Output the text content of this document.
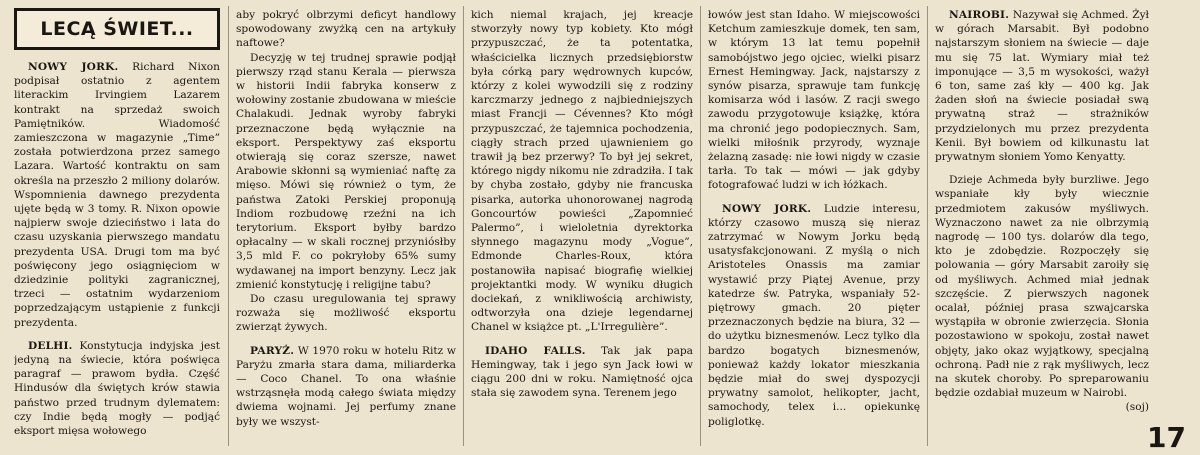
LECĄ ŚWIET...

NOWY JORK. Richard Nixon podpisał ostatnio z agentem literackim Irvingiem Lazarem kontrakt na sprzedaż swoich Pamiętników. Wiadomość zamieszczona w magazynie „Time” została potwierdzona przez samego Lazara. Wartość kontraktu on sam określa na przeszło 2 miliony dolarów. Wspomnienia dawnego prezydenta ujęte będą w 3 tomy. R. Nixon opowie najpierw swoje dzieciństwo i lata do czasu uzyskania pierwszego mandatu prezydenta USA. Drugi tom ma być poświęcony jego osiągnięciom w dziedzinie polityki zagranicznej, trzeci — ostatnim wydarzeniom poprzedzającym ustąpienie z funkcji prezydenta.

DELHI. Konstytucja indyjska jest jedyną na świecie, która poświęca paragraf — prawom bydła. Część Hindusów dla świętych krów stawia państwo przed trudnym dylematem: czy Indie będą mogły — podjąć eksport mięsa wołowego

aby pokryć olbrzymi deficyt handlowy spowodowany zwyżką cen na artykuły naftowe?

Decyzję w tej trudnej sprawie podjął pierwszy rząd stanu Kerala — pierwsza w historii Indii fabryka konserw z wołowiny zostanie zbudowana w mieście Chalakudi. Jednak wyroby fabryki przeznaczone będą wyłącznie na eksport. Perspektywy zaś eksportu otwierają się coraz szersze, nawet Arabowie skłonni są wymieniać naftę za mięso. Mówi się również o tym, że państwa Zatoki Perskiej proponują Indiom rozbudowę rzeźni na ich terytorium. Eksport byłby bardzo opłacalny — w skali rocznej przyniósłby 3,5 mld F. co pokryłoby 65% sumy wydawanej na import benzyny. Lecz jak zmienić konstytucję i religijne tabu?

Do czasu uregulowania tej sprawy rozważa się możliwość eksportu zwierząt żywych.

PARYŻ. W 1970 roku w hotelu Ritz w Paryżu zmarła stara dama, miliarderka — Coco Chanel. To ona właśnie wstrząsnęła modą całego świata między dwiema wojnami. Jej perfumy znane były we wszyst-

kich niemal krajach, jej kreacje stworzyły nowy typ kobiety. Kto mógł przypuszczać, że ta potentatka, właścicielka licznych przedsiębiorstw była córką pary wędrownych kupców, którzy z kolei wywodzili się z rodziny karczmarzy jednego z najbiedniejszych miast Francji — Cévennes? Kto mógł przypuszczać, że tajemnica pochodzenia, ciągły strach przed ujawnieniem go trawił ją bez przerwy? To był jej sekret, którego nigdy nikomu nie zdradziła. I tak by chyba zostało, gdyby nie francuska pisarka, autorka uhonorowanej nagrodą Goncourtów powieści „Zapomnieć Palermo”, i wieloletnia dyrektorka słynnego magazynu mody „Vogue”, Edmonde Charles-Roux, która postanowiła napisać biografię wielkiej projektantki mody. W wyniku długich dociekań, z wnikliwością archiwisty, odtworzyła ona dzieje legendarnej Chanel w książce pt. „L'Irregulière”.

IDAHO FALLS. Tak jak papa Hemingway, tak i jego syn Jack łowi w ciągu 200 dni w roku. Namiętność ojca stała się zawodem syna. Terenem jego

łowów jest stan Idaho. W miejscowości Ketchum zamieszkuje domek, ten sam, w którym 13 lat temu popełnił samobójstwo jego ojciec, wielki pisarz Ernest Hemingway. Jack, najstarszy z synów pisarza, sprawuje tam funkcję komisarza wód i lasów. Z racji swego zawodu przygotowuje książkę, która ma chronić jego podopiecznych. Sam, wielki miłośnik przyrody, wyznaje żelazną zasadę: nie łowi nigdy w czasie tarła. To tak — mówi — jak gdyby fotografować ludzi w ich łóżkach.

NOWY JORK. Ludzie interesu, którzy czasowo muszą się nieraz zatrzymać w Nowym Jorku będą usatysfakcjonowani. Z myślą o nich Aristoteles Onassis ma zamiar wystawić przy Piątej Avenue, przy katedrze św. Patryka, wspaniały 52-piętrowy gmach. 20 pięter przeznaczonych będzie na biura, 32 — do użytku biznesmenów. Lecz tylko dla bardzo bogatych biznesmenów, ponieważ każdy lokator mieszkania będzie miał do swej dyspozycji prywatny samolot, helikopter, jacht, samochody, telex i... opiekunkę poliglotkę.

NAIROBI. Nazywał się Achmed. Żył w górach Marsabit. Był podobno najstarszym słoniem na świecie — daje mu się 75 lat. Wymiary miał też imponujące — 3,5 m wysokości, ważył 6 ton, same zaś kły — 400 kg. Jak żaden słoń na świecie posiadał swą prywatną straż — strażników przydzielonych mu przez prezydenta Kenii. Był bowiem od kilkunastu lat prywatnym słoniem Yomo Kenyatty.

Dzieje Achmeda były burzliwe. Jego wspaniałe kły były wiecznie przedmiotem zakusów myśliwych. Wyznaczono nawet za nie olbrzymią nagrodę — 100 tys. dolarów dla tego, kto je zdobędzie. Rozpoczęły się polowania — góry Marsabit zaroiły się od myśliwych. Achmed miał jednak szczęście. Z pierwszych nagonek ocalał, później prasa szwajcarska wystąpiła w obronie zwierzęcia. Słonia pozostawiono w spokoju, został nawet objęty, jako okaz wyjątkowy, specjalną ochroną. Padł nie z rąk myśliwych, lecz na skutek choroby. Po spreparowaniu będzie ozdabiał muzeum w Nairobi.

(soj)

17
